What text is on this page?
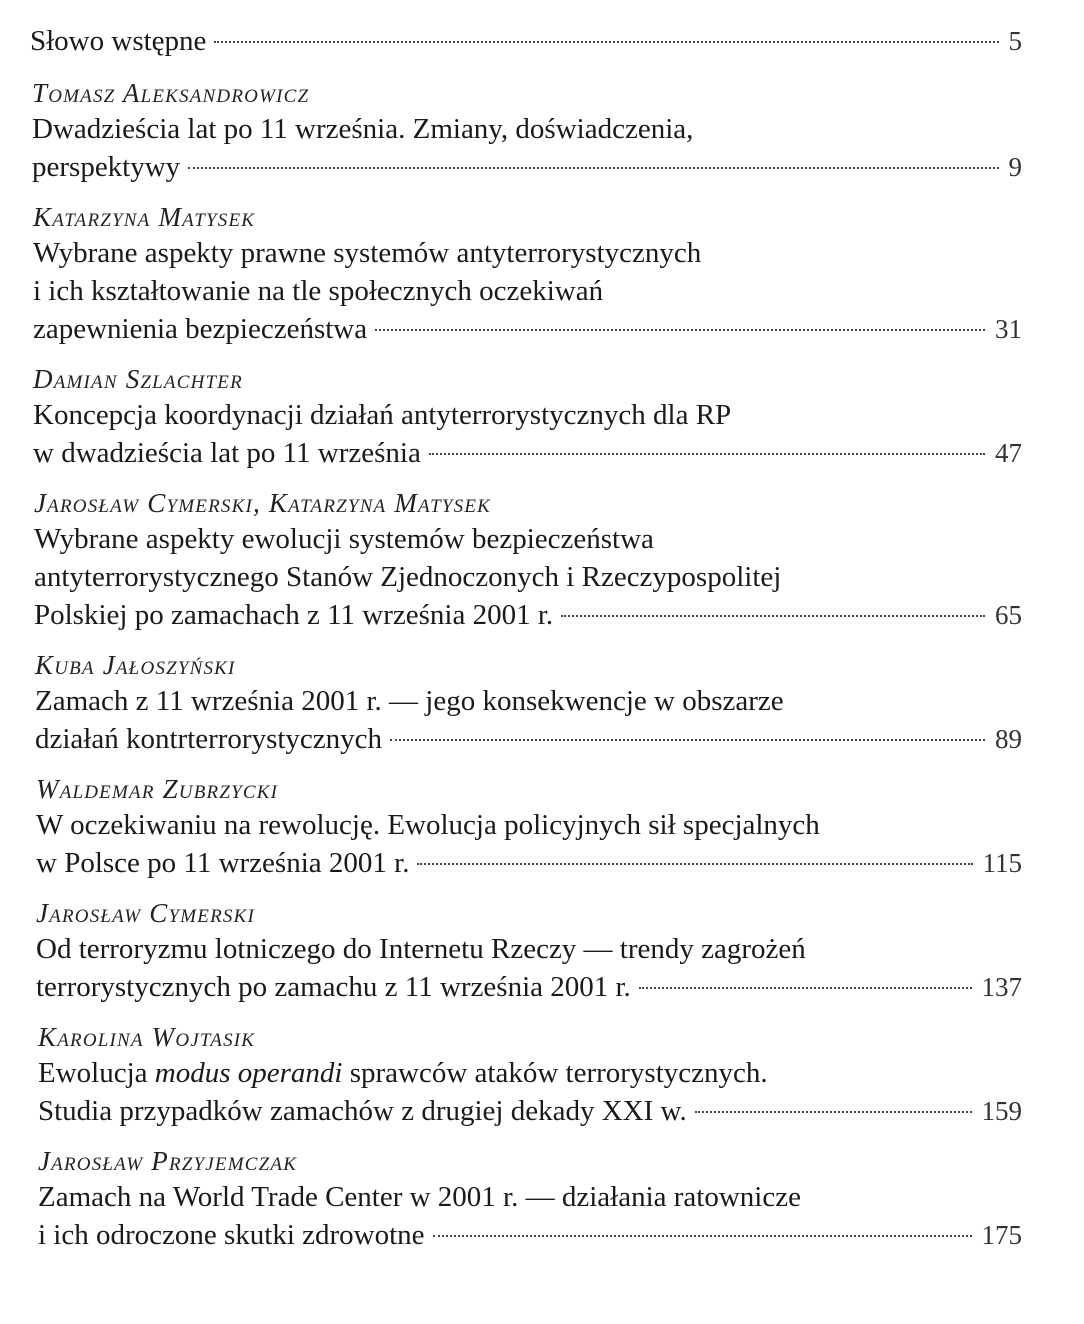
Słowo wstępne	5
Tomasz Aleksandrowicz
Dwadzieścia lat po 11 września. Zmiany, doświadczenia,
perspektywy	9
Katarzyna Matysek
Wybrane aspekty prawne systemów antyterrorystycznych
i ich kształtowanie na tle społecznych oczekiwań
zapewnienia bezpieczeństwa	31
Damian Szlachter
Koncepcja koordynacji działań antyterrorystycznych dla RP
w dwadzieścia lat po 11 września	47
Jarosław Cymerski, Katarzyna Matysek
Wybrane aspekty ewolucji systemów bezpieczeństwa
antyterrorystycznego Stanów Zjednoczonych i Rzeczypospolitej
Polskiej po zamachach z 11 września 2001 r.	65
Kuba Jałoszyński
Zamach z 11 września 2001 r. — jego konsekwencje w obszarze
działań kontrterrorystycznych	89
Waldemar Zubrzycki
W oczekiwaniu na rewolucję. Ewolucja policyjnych sił specjalnych
w Polsce po 11 września 2001 r.	115
Jarosław Cymerski
Od terroryzmu lotniczego do Internetu Rzeczy — trendy zagrożeń
terrorystycznych po zamachu z 11 września 2001 r.	137
Karolina Wojtasik
Ewolucja modus operandi sprawców ataków terrorystycznych.
Studia przypadków zamachów z drugiej dekady XXI w.	159
Jarosław Przyjemczak
Zamach na World Trade Center w 2001 r. — działania ratownicze
i ich odroczone skutki zdrowotne	175
